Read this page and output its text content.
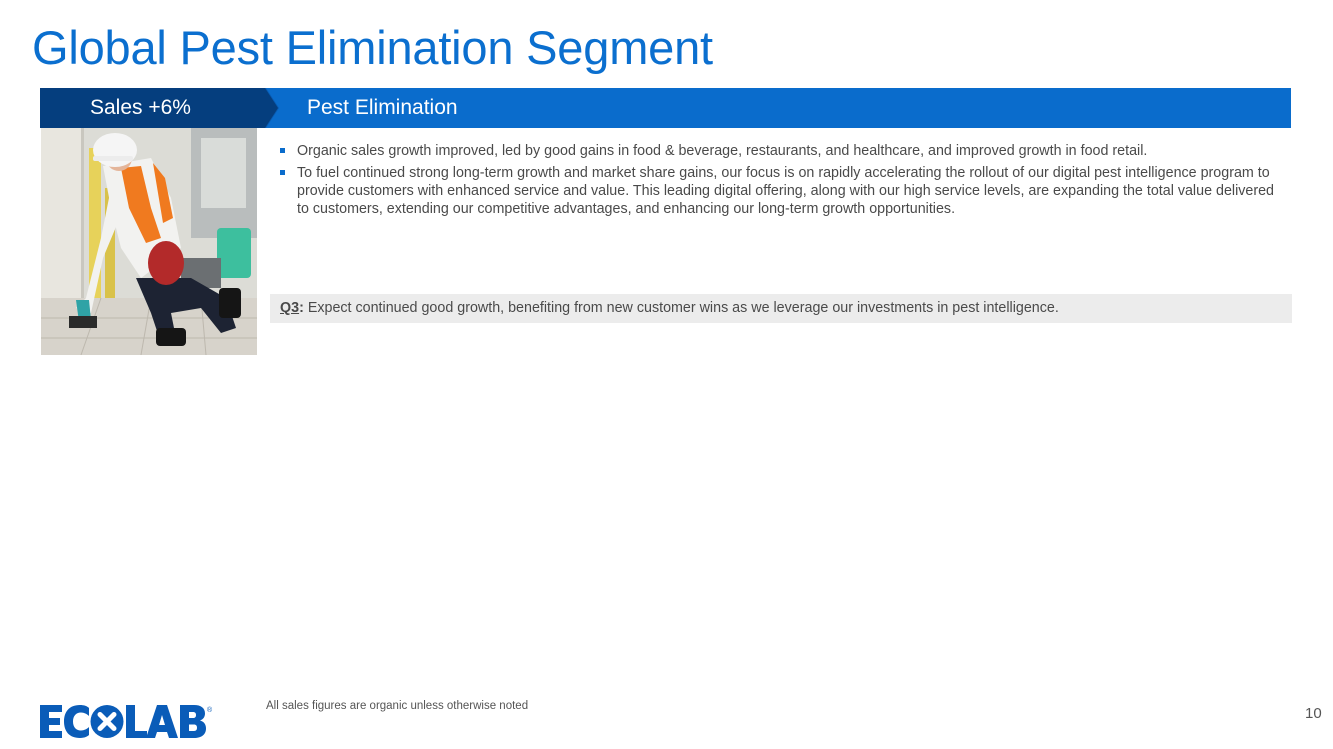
Global Pest Elimination Segment
Sales +6%	Pest Elimination
Organic sales growth improved, led by good gains in food & beverage, restaurants, and healthcare, and improved growth in food retail.
To fuel continued strong long-term growth and market share gains, our focus is on rapidly accelerating the rollout of our digital pest intelligence program to provide customers with enhanced service and value. This leading digital offering, along with our high service levels, are expanding the total value delivered to customers, extending our competitive advantages, and enhancing our long-term growth opportunities.
Q3: Expect continued good growth, benefiting from new customer wins as we leverage our investments in pest intelligence.
®	All sales figures are organic unless otherwise noted	10
